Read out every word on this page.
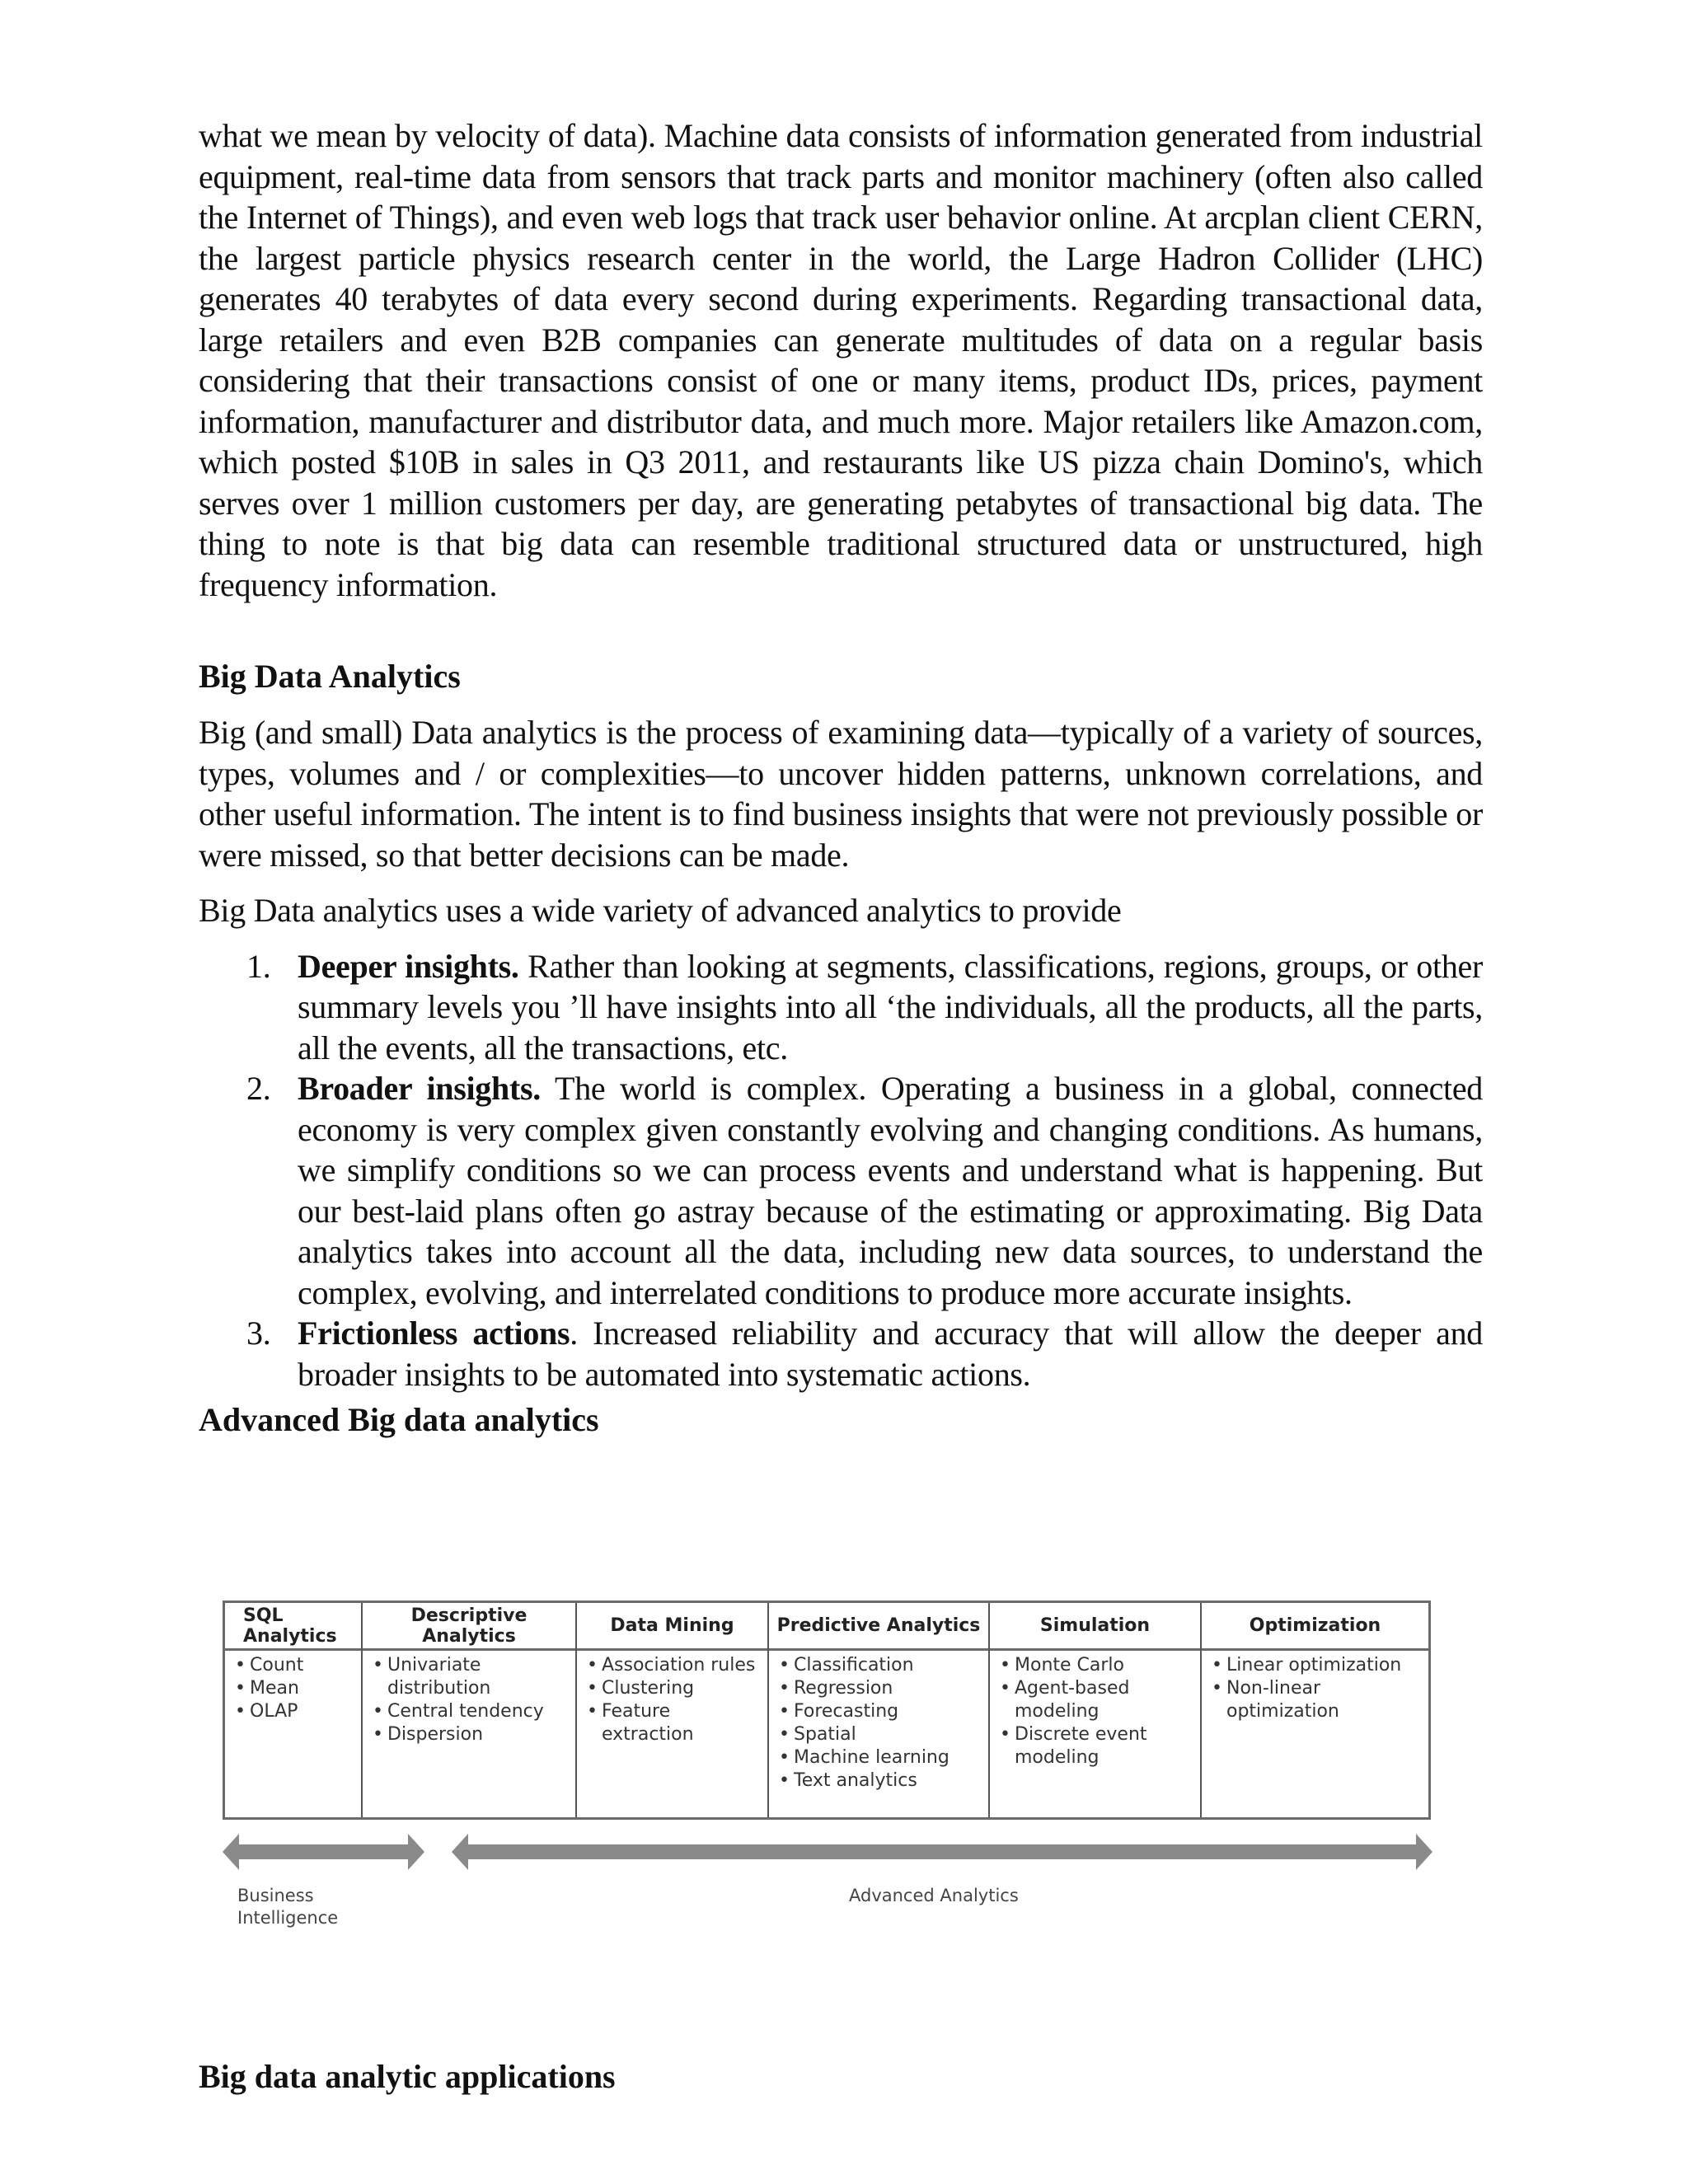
what we mean by velocity of data). Machine data consists of information generated from industrial equipment, real-time data from sensors that track parts and monitor machinery (often also called the Internet of Things), and even web logs that track user behavior online. At arcplan client CERN, the largest particle physics research center in the world, the Large Hadron Collider (LHC) generates 40 terabytes of data every second during experiments. Regarding transactional data, large retailers and even B2B companies can generate multitudes of data on a regular basis considering that their transactions consist of one or many items, product IDs, prices, payment information, manufacturer and distributor data, and much more. Major retailers like Amazon.com, which posted $10B in sales in Q3 2011, and restaurants like US pizza chain Domino's, which serves over 1 million customers per day, are generating petabytes of transactional big data. The thing to note is that big data can resemble traditional structured data or unstructured, high frequency information.

Big Data Analytics

Big (and small) Data analytics is the process of examining data—typically of a variety of sources, types, volumes and / or complexities—to uncover hidden patterns, unknown correlations, and other useful information. The intent is to find business insights that were not previously possible or were missed, so that better decisions can be made.

Big Data analytics uses a wide variety of advanced analytics to provide

1. Deeper insights. Rather than looking at segments, classifications, regions, groups, or other summary levels you ’ll have insights into all ‘the individuals, all the products, all the parts, all the events, all the transactions, etc.
2. Broader insights. The world is complex. Operating a business in a global, connected economy is very complex given constantly evolving and changing conditions. As humans, we simplify conditions so we can process events and understand what is happening. But our best-laid plans often go astray because of the estimating or approximating. Big Data analytics takes into account all the data, including new data sources, to understand the complex, evolving, and interrelated conditions to produce more accurate insights.
3. Frictionless actions. Increased reliability and accuracy that will allow the deeper and broader insights to be automated into systematic actions.
Advanced Big data analytics
SQL Analytics
• Count
• Mean
• OLAP
Descriptive Analytics
• Univariate distribution
• Central tendency
• Dispersion
Data Mining
• Association rules
• Clustering
• Feature extraction
Predictive Analytics
• Classification
• Regression
• Forecasting
• Spatial
• Machine learning
• Text analytics
Simulation
• Monte Carlo
• Agent-based modeling
• Discrete event modeling
Optimization
• Linear optimization
• Non-linear optimization
Business Intelligence
Advanced Analytics
Big data analytic applications
